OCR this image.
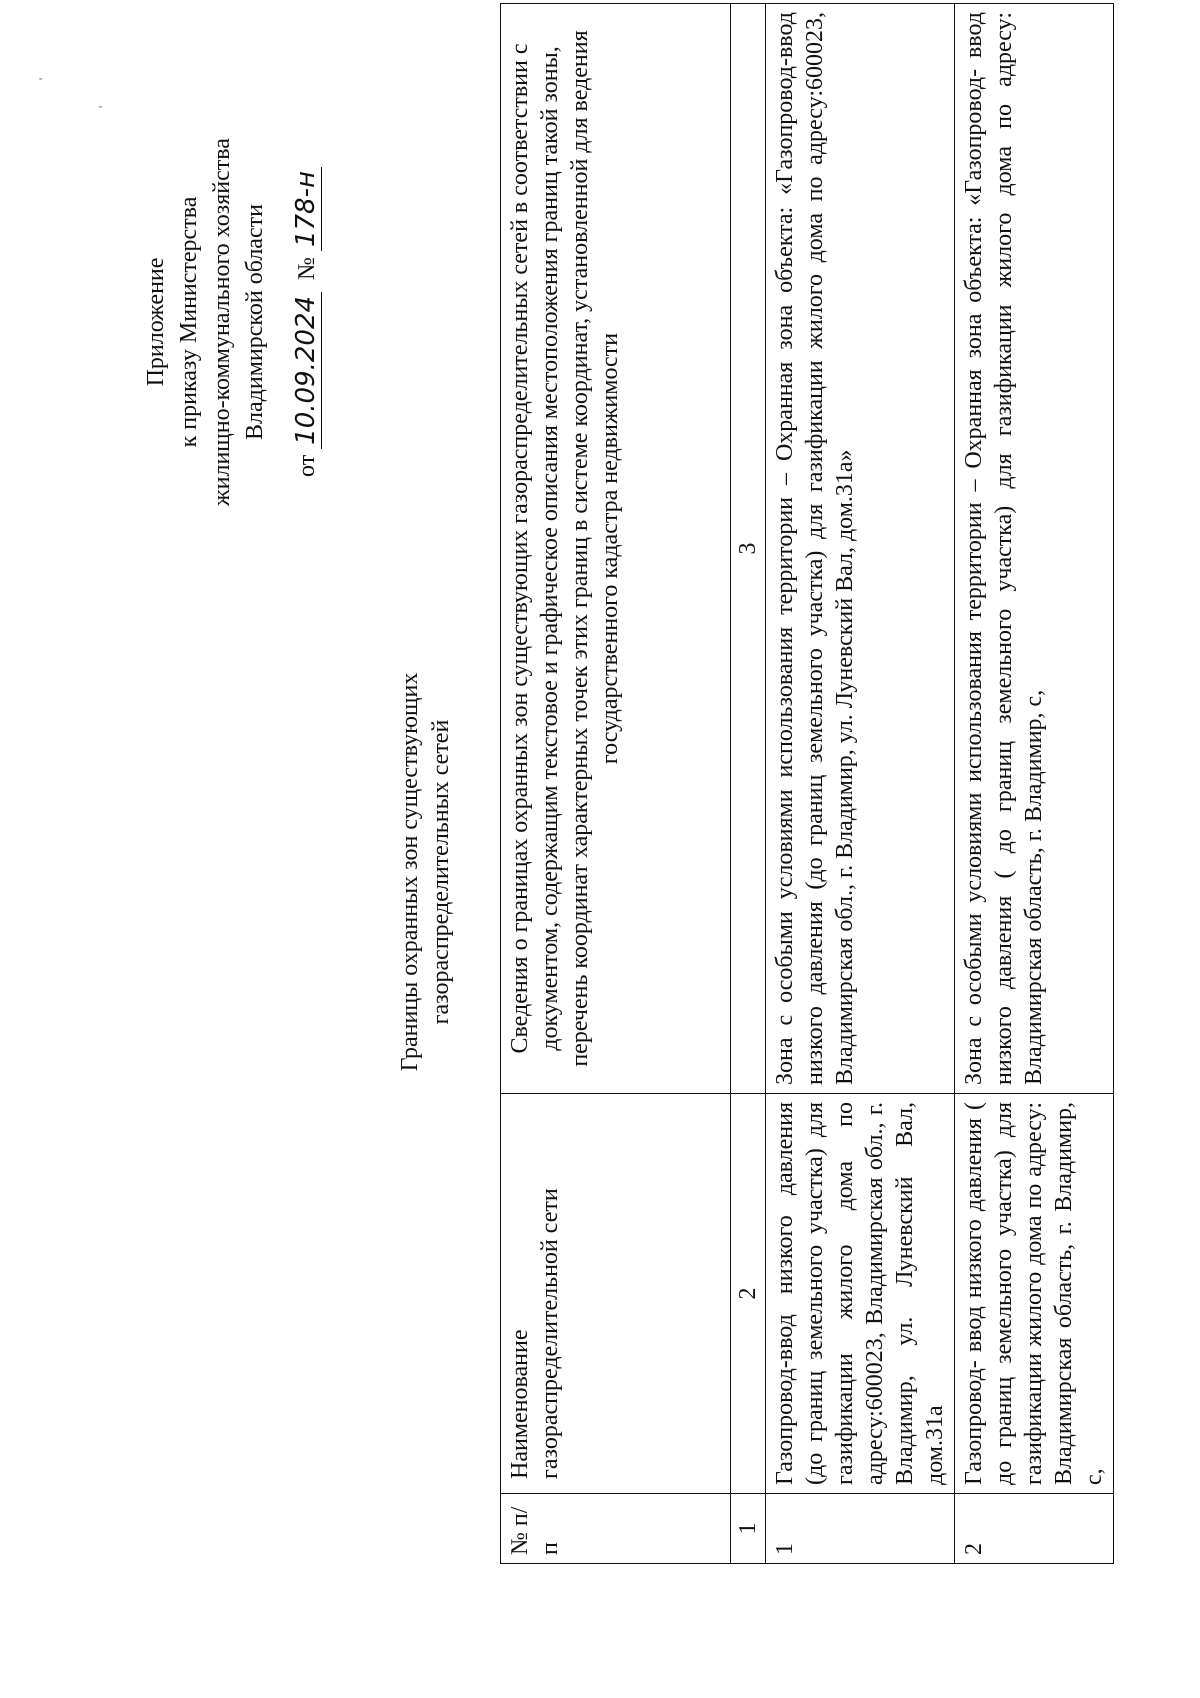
'
'
Приложение к приказу Министерства жилищно-коммунального хозяйства Владимирской области
от 10.09.2024  № 178-н
Границы охранных зон существующих газораспределительных сетей
№ п/п	Наименование газораспределительной сети	Сведения о границах охранных зон существующих газораспределительных сетей в соответствии с документом, содержащим текстовое и графическое описания местоположения границ такой зоны, перечень координат характерных точек этих границ в системе координат, установленной для ведения государственного кадастра недвижимости
1	2	3
1	Газопровод-ввод низкого давления (до границ земельного участка) для газификации жилого дома по адресу:600023, Владимирская обл., г. Владимир, ул. Луневский Вал, дом.31а	Зона с особыми условиями использования территории – Охранная зона объекта: «Газопровод-ввод низкого давления (до границ земельного участка) для газификации жилого дома по адресу:600023, Владимирская обл., г. Владимир, ул. Луневский Вал, дом.31а»
2	Газопровод- ввод низкого давления ( до границ земельного участка) для газификации жилого дома по адресу: Владимирская область, г. Владимир, с,	Зона с особыми условиями использования территории – Охранная зона объекта: «Газопровод- ввод низкого давления ( до границ земельного участка) для газификации жилого дома по адресу: Владимирская область, г. Владимир, с,
